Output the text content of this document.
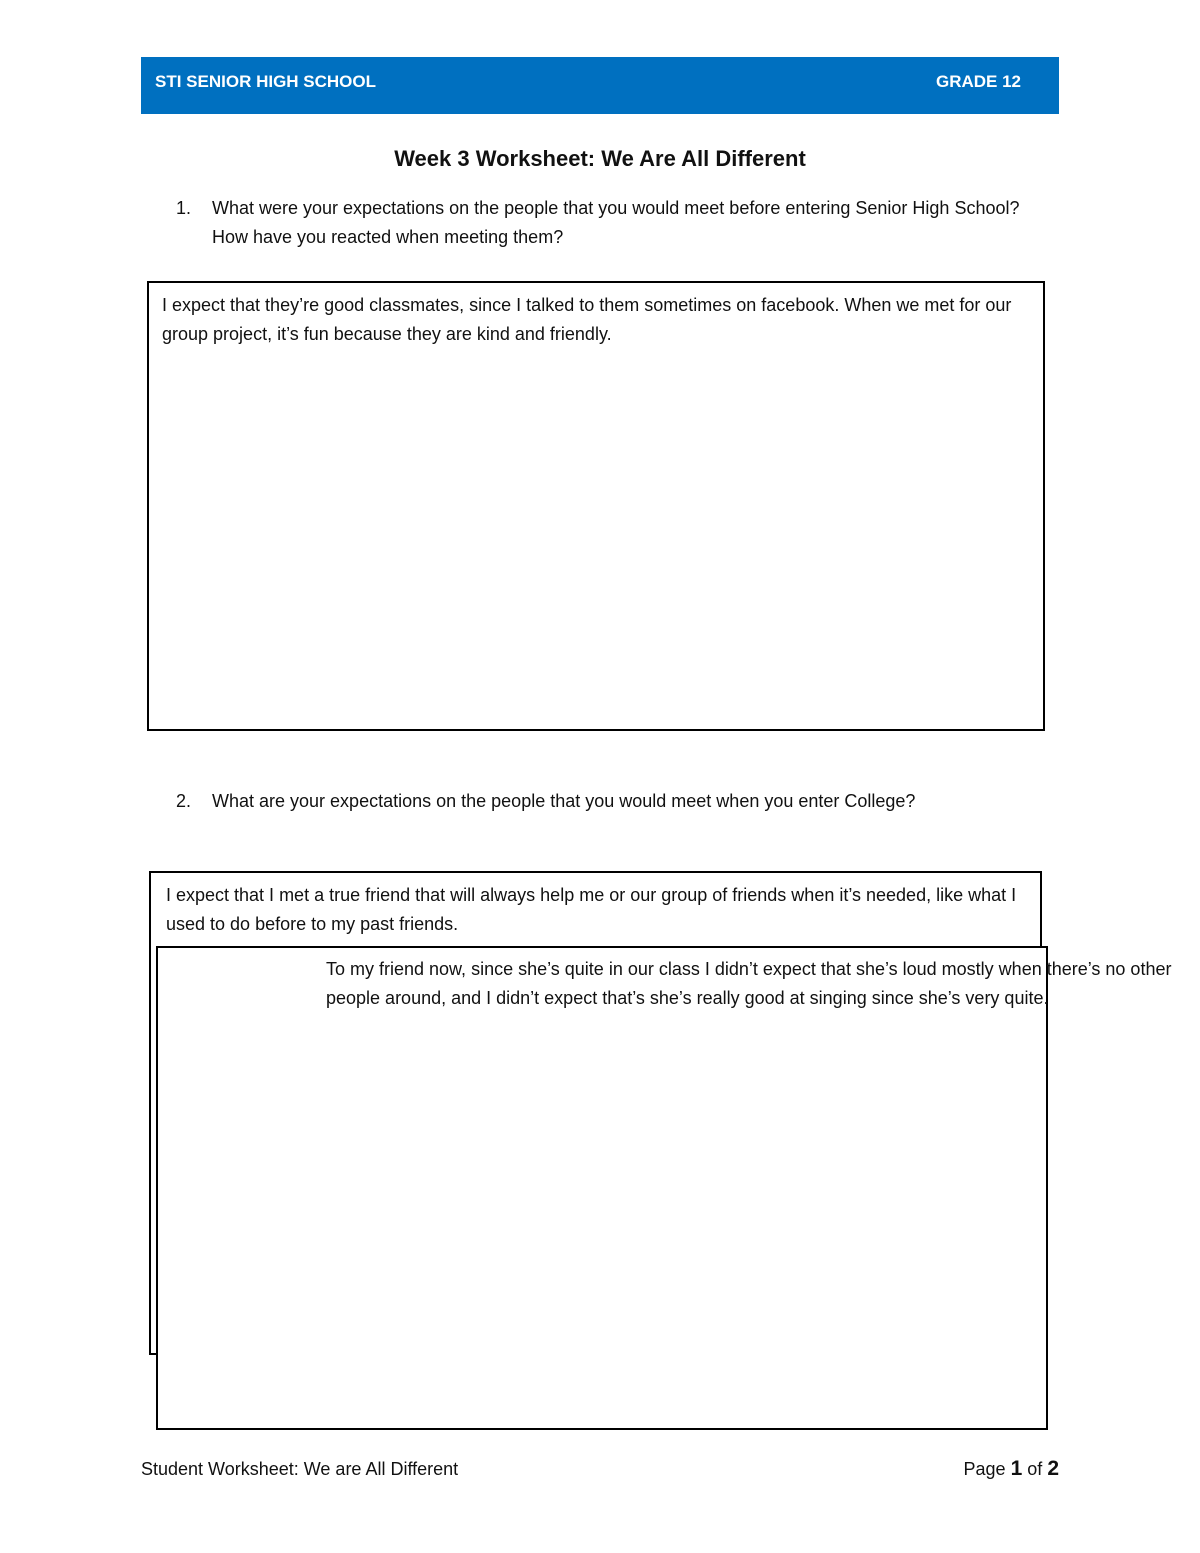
STI SENIOR HIGH SCHOOL	GRADE 12
Week 3 Worksheet: We Are All Different
1. What were your expectations on the people that you would meet before entering Senior High School? How have you reacted when meeting them?
I expect that they’re good classmates, since I talked to them sometimes on facebook. When we met for our group project, it’s fun because they are kind and friendly.
2. What are your expectations on the people that you would meet when you enter College?
I expect that I met a true friend that will always help me or our group of friends when it’s needed, like what I used to do before to my past friends.
To my friend now, since she’s quite in our class I didn’t expect that she’s loud mostly when there’s no other people around, and I didn’t expect that’s she’s really good at singing since she’s very quite.
Student Worksheet: We are All Different	Page 1 of 2
